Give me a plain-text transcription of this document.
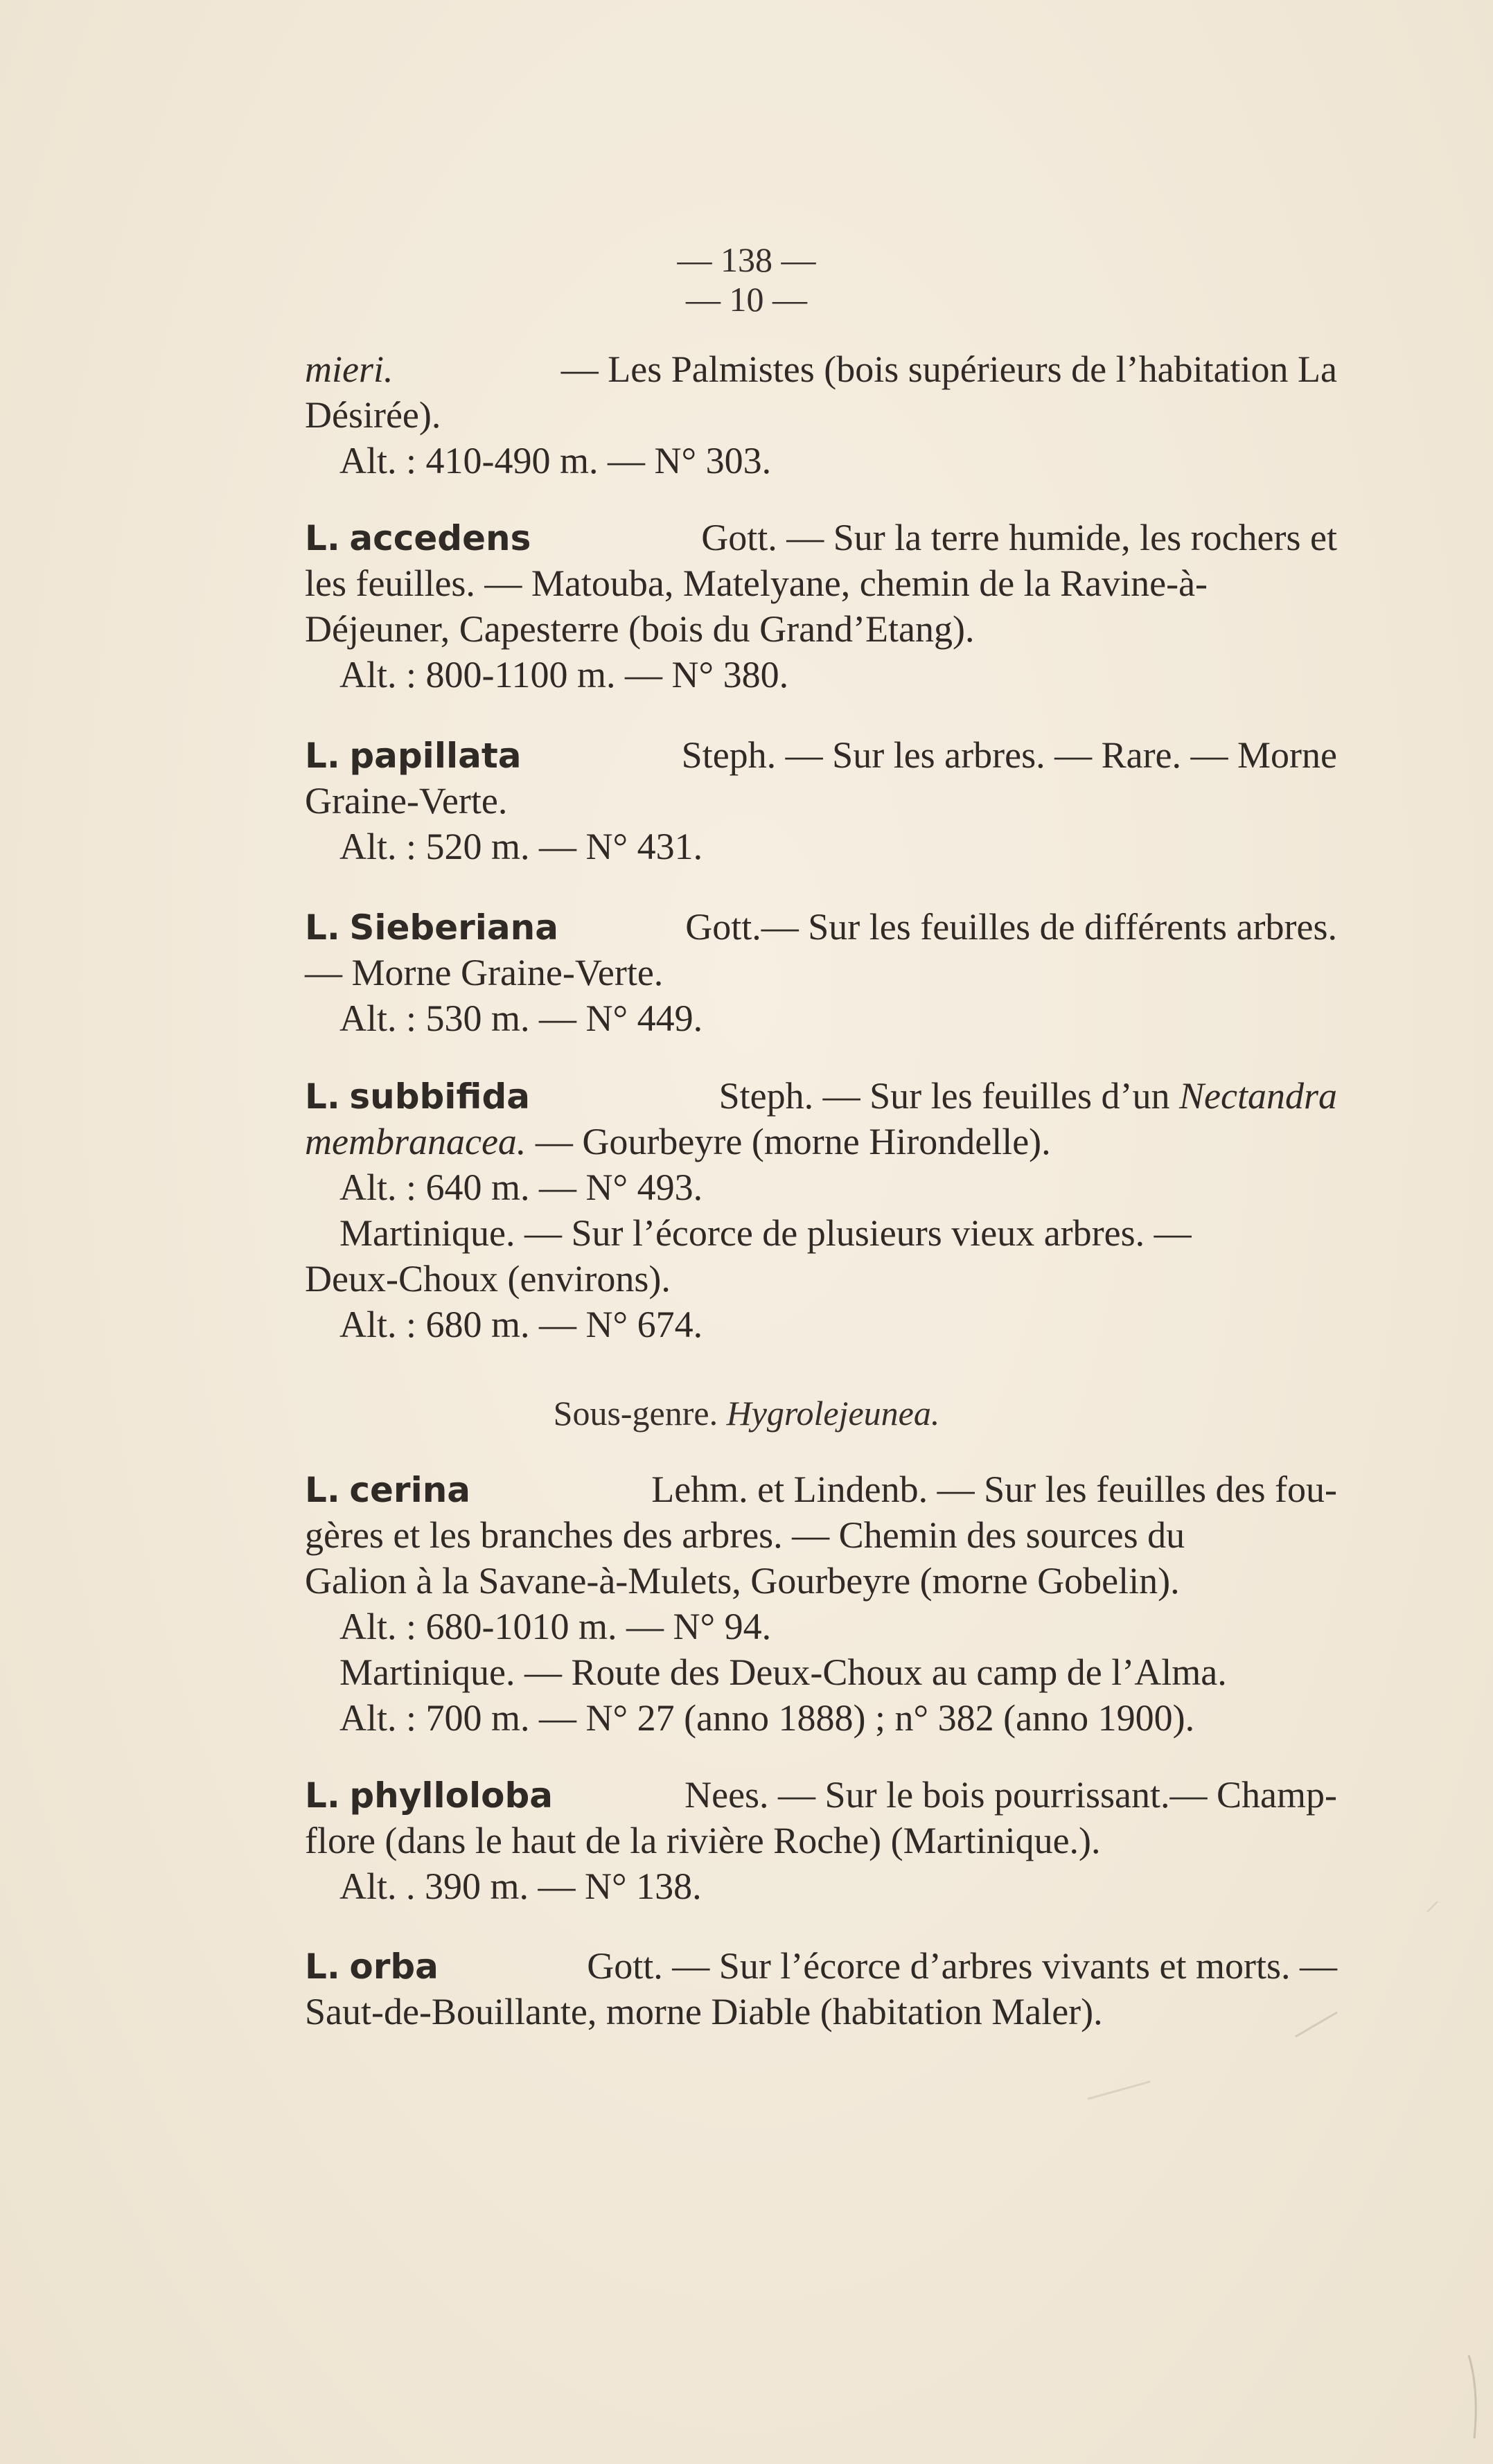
— 138 —
— 10 —
mieri.	— Les Palmistes (bois supérieurs de l’habitation La
Désirée).
Alt. : 410-490 m. — N° 303.
L. accedens	Gott. — Sur la terre humide, les rochers et
les feuilles. — Matouba, Matelyane, chemin de la Ravine-à-
Déjeuner, Capesterre (bois du Grand’Etang).
Alt. : 800-1100 m. — N° 380.
L. papillata	Steph. — Sur les arbres. — Rare. — Morne
Graine-Verte.
Alt. : 520 m. — N° 431.
L. Sieberiana	Gott.— Sur les feuilles de différents arbres.
— Morne Graine-Verte.
Alt. : 530 m. — N° 449.
L. subbifida	Steph. — Sur les feuilles d’un Nectandra
membranacea. — Gourbeyre (morne Hirondelle).
Alt. : 640 m. — N° 493.
Martinique. — Sur l’écorce de plusieurs vieux arbres. —
Deux-Choux (environs).
Alt. : 680 m. — N° 674.
Sous-genre. Hygrolejeunea.
L. cerina	Lehm. et Lindenb. — Sur les feuilles des fou-
gères et les branches des arbres. — Chemin des sources du
Galion à la Savane-à-Mulets, Gourbeyre (morne Gobelin).
Alt. : 680-1010 m. — N° 94.
Martinique. — Route des Deux-Choux au camp de l’Alma.
Alt. : 700 m. — N° 27 (anno 1888) ; n° 382 (anno 1900).
L. phylloloba	Nees. — Sur le bois pourrissant.— Champ-
flore (dans le haut de la rivière Roche) (Martinique.).
Alt. . 390 m. — N° 138.
L. orba	Gott. — Sur l’écorce d’arbres vivants et morts. —
Saut-de-Bouillante, morne Diable (habitation Maler).
